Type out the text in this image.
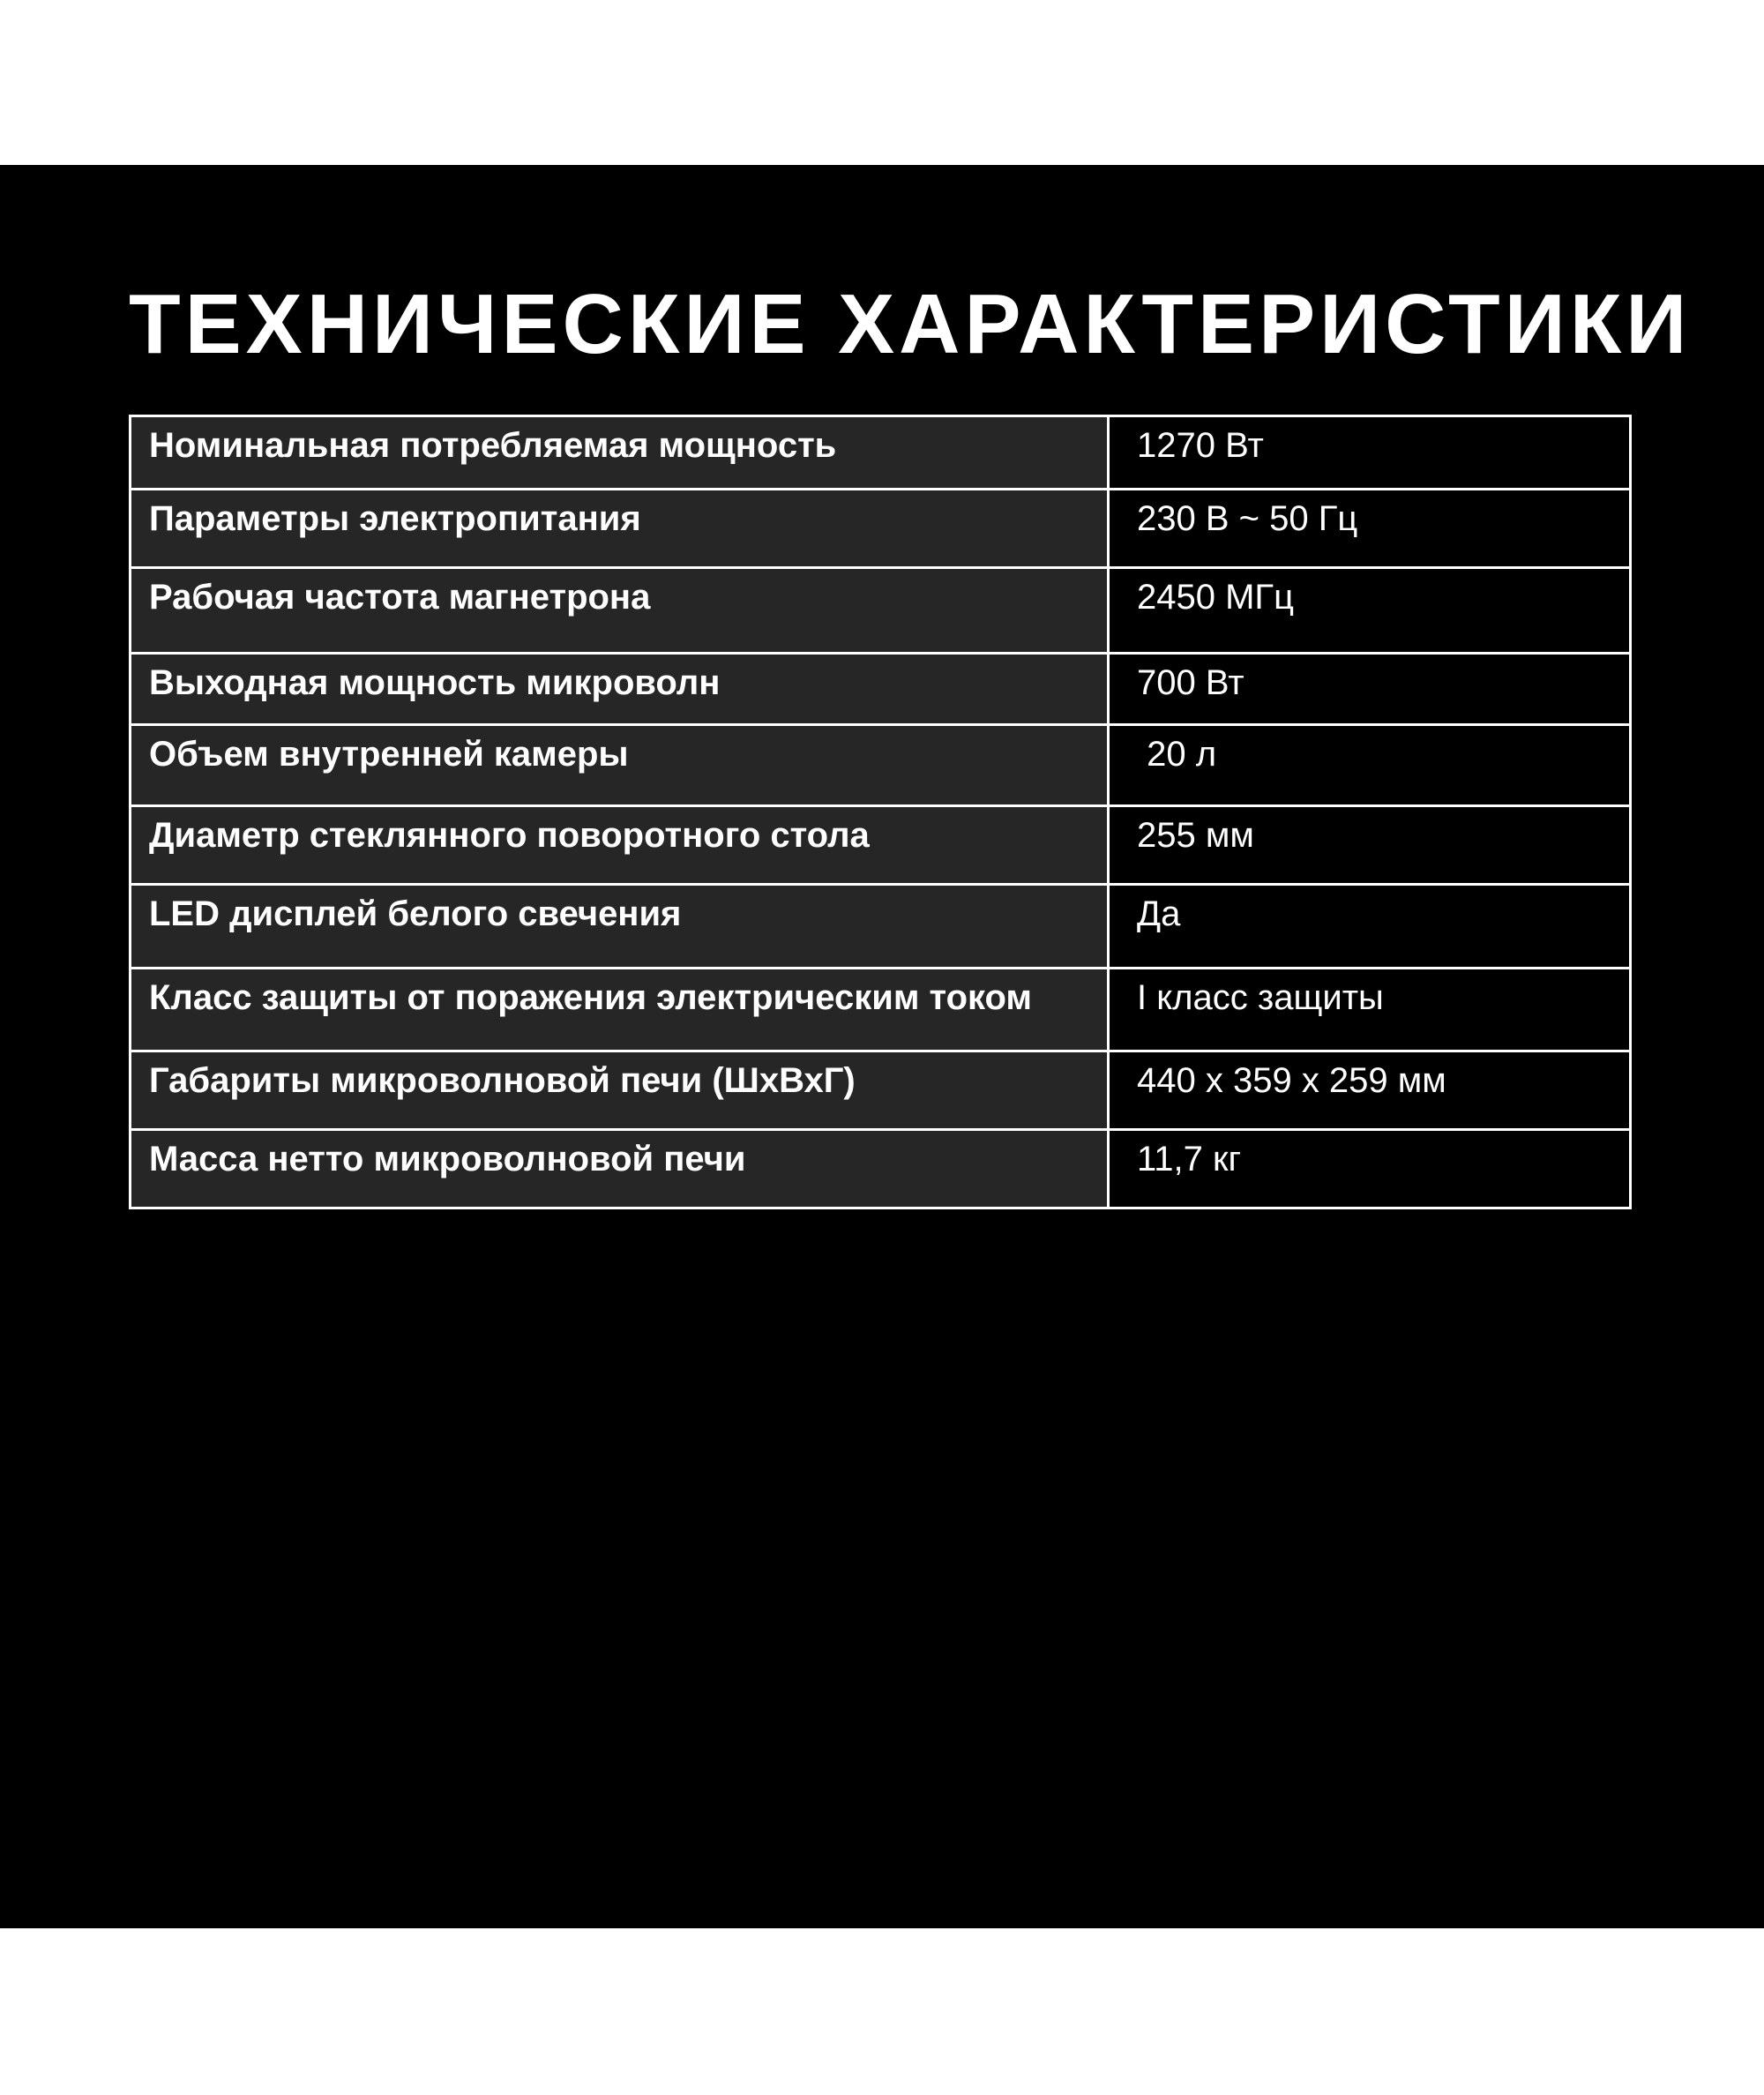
ТЕХНИЧЕСКИЕ ХАРАКТЕРИСТИКИ
Номинальная потребляемая мощность	1270 Вт
Параметры электропитания	230 В ~ 50 Гц
Рабочая частота магнетрона	2450 МГц
Выходная мощность микроволн	700 Вт
Объем внутренней камеры	20 л
Диаметр стеклянного поворотного стола	255 мм
LED дисплей белого свечения	Да
Класс защиты от поражения электрическим током	I класс защиты
Габариты микроволновой печи (ШхВхГ)	440 х 359 х 259 мм
Масса нетто микроволновой печи	11,7 кг
